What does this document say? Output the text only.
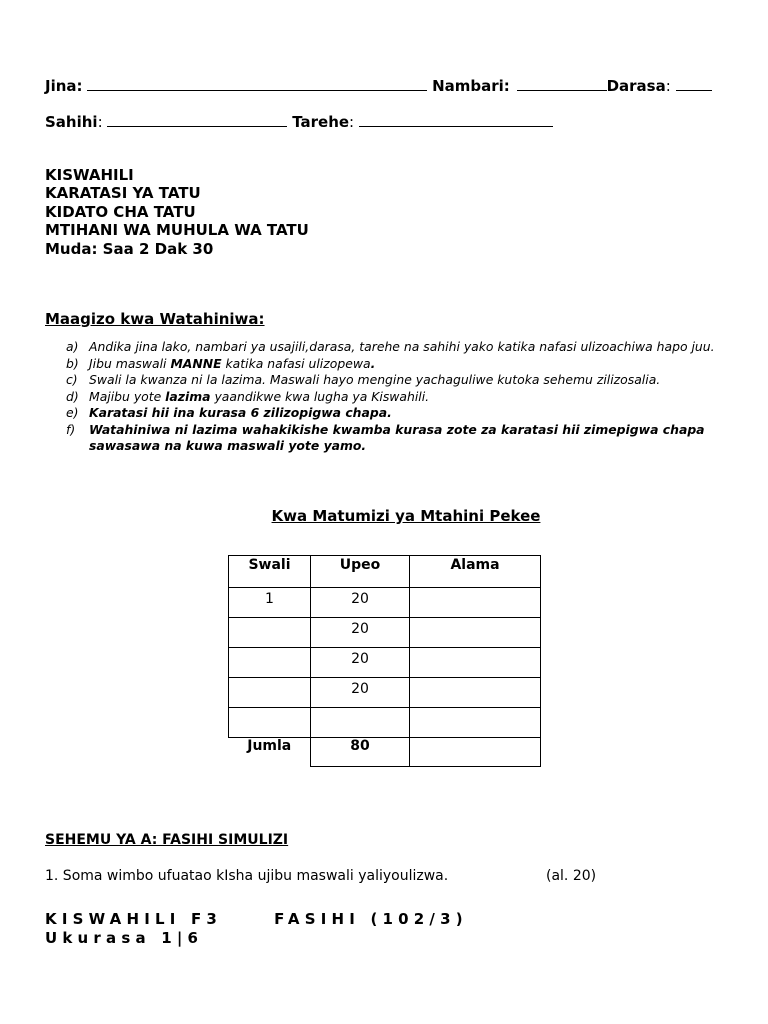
Jina:	Nambari:	Darasa:
Sahihi:	Tarehe:
KISWAHILI
KARATASI YA TATU
KIDATO CHA TATU
MTIHANI WA MUHULA WA TATU
Muda: Saa 2 Dak 30
Maagizo kwa Watahiniwa:
a) Andika jina lako, nambari ya usajili,darasa, tarehe na sahihi yako katika nafasi ulizoachiwa hapo juu.
b) Jibu maswali MANNE katika nafasi ulizopewa.
c) Swali la kwanza ni la lazima. Maswali hayo mengine yachaguliwe kutoka sehemu zilizosalia.
d) Majibu yote lazima yaandikwe kwa lugha ya Kiswahili.
e) Karatasi hii ina kurasa 6 zilizopigwa chapa.
f)	Watahiniwa ni lazima wahakikishe kwamba kurasa zote za karatasi hii zimepigwa chapa sawasawa na kuwa maswali yote yamo.
Kwa Matumizi ya Mtahini Pekee
Swali	Upeo	Alama
1	20	
	20	
	20	
	20	

Jumla	80	
SEHEMU YA A: FASIHI SIMULIZI
1. Soma wimbo ufuatao kIsha ujibu maswali yaliyoulizwa.	(al. 20)
KISWAHILI F3     FASIHI (102/3)
Ukurasa 1|6
